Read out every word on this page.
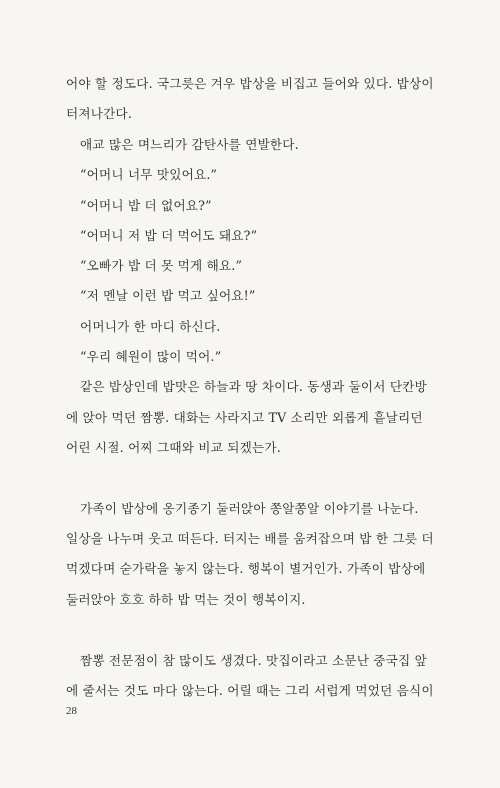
어야 할 정도다. 국그릇은 겨우 밥상을 비집고 들어와 있다. 밥상이
터져나간다.
애교 많은 며느리가 감탄사를 연발한다.
“어머니 너무 맛있어요.”
“어머니 밥 더 없어요?”
“어머니 저 밥 더 먹어도 돼요?”
“오빠가 밥 더 못 먹게 해요.”
“저 멘날 이런 밥 먹고 싶어요!”
어머니가 한 마디 하신다.
“우리 혜원이 많이 먹어.”
같은 밥상인데 밥맛은 하늘과 땅 차이다. 동생과 둘이서 단칸방
에 앉아 먹던 짬뽕. 대화는 사라지고 TV 소리만 외롭게 흩날리던
어린 시절. 어찌 그때와 비교 되겠는가.
가족이 밥상에 옹기종기 둘러앉아 쫑알쫑알 이야기를 나눈다.
일상을 나누며 웃고 떠든다. 터지는 배를 움켜잡으며 밥 한 그릇 더
먹겠다며 숟가락을 놓지 않는다. 행복이 별거인가. 가족이 밥상에
둘러앉아 호호 하하 밥 먹는 것이 행복이지.
짬뽕 전문점이 참 많이도 생겼다. 맛집이라고 소문난 중국집 앞
에 줄서는 것도 마다 않는다. 어릴 때는 그리 서럽게 먹었던 음식이
28
